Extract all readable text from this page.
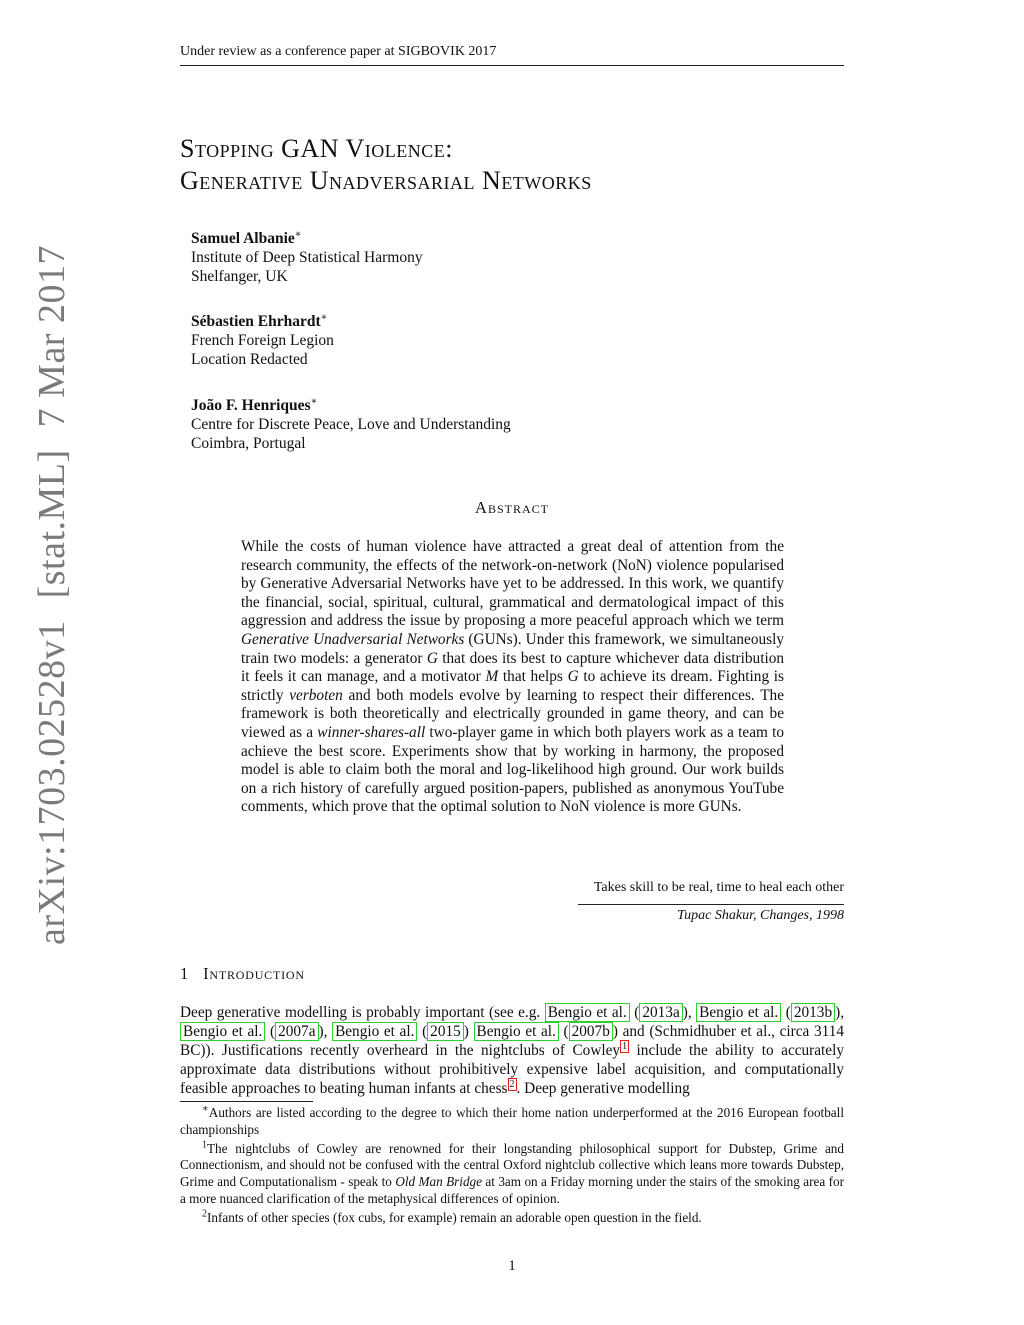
Under review as a conference paper at SIGBOVIK 2017
Stopping GAN Violence:
Generative Unadversarial Networks
Samuel Albanie∗
Institute of Deep Statistical Harmony
Shelfanger, UK
Sébastien Ehrhardt∗
French Foreign Legion
Location Redacted
João F. Henriques∗
Centre for Discrete Peace, Love and Understanding
Coimbra, Portugal
Abstract
While the costs of human violence have attracted a great deal of attention from the research community, the effects of the network-on-network (NoN) violence popularised by Generative Adversarial Networks have yet to be addressed. In this work, we quantify the financial, social, spiritual, cultural, grammatical and dermatological impact of this aggression and address the issue by proposing a more peaceful approach which we term Generative Unadversarial Networks (GUNs). Under this framework, we simultaneously train two models: a generator G that does its best to capture whichever data distribution it feels it can manage, and a motivator M that helps G to achieve its dream. Fighting is strictly verboten and both models evolve by learning to respect their differences. The framework is both theoretically and electrically grounded in game theory, and can be viewed as a winner-shares-all two-player game in which both players work as a team to achieve the best score. Experiments show that by working in harmony, the proposed model is able to claim both the moral and log-likelihood high ground. Our work builds on a rich history of carefully argued position-papers, published as anonymous YouTube comments, which prove that the optimal solution to NoN violence is more GUNs.
Takes skill to be real, time to heal each other
Tupac Shakur, Changes, 1998
1 Introduction
Deep generative modelling is probably important (see e.g. Bengio et al. ( 2013a ), Bengio et al. ( 2013b ), Bengio et al. ( 2007a ), Bengio et al. ( 2015 ) Bengio et al. ( 2007b ) and (Schmidhuber et al., circa 3114 BC)). Justifications recently overheard in the nightclubs of Cowley $^1$ include the ability to accurately approximate data distributions without prohibitively expensive label acquisition, and computationally feasible approaches to beating human infants at chess $^2$ . Deep generative modelling

∗Authors are listed according to the degree to which their home nation underperformed at the 2016 European football championships

$^1$The nightclubs of Cowley are renowned for their longstanding philosophical support for Dubstep, Grime and Connectionism, and should not be confused with the central Oxford nightclub collective which leans more towards Dubstep, Grime and Computationalism - speak to Old Man Bridge at 3am on a Friday morning under the stairs of the smoking area for a more nuanced clarification of the metaphysical differences of opinion.

$^2$Infants of other species (fox cubs, for example) remain an adorable open question in the field.

1
arXiv:1703.02528v1[stat.ML]7 Mar 2017
